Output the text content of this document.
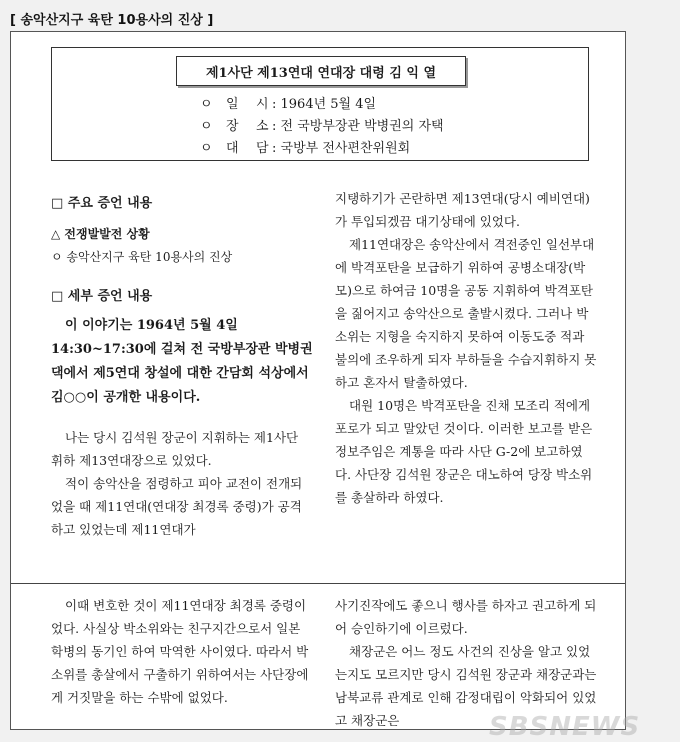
[ 송악산지구 육탄 10용사의 진상 ]
제1사단 제13연대 연대장 대령 김 익 열
ㅇ 일 시 : 1964년 5월 4일
ㅇ 장 소 : 전 국방부장관 박병권의 자택
ㅇ 대 담 : 국방부 전사편찬위원회
□ 주요 증언 내용
△ 전쟁발발전 상황
ㅇ 송악산지구 육탄 10용사의 진상
□ 세부 증언 내용

이 이야기는 1964년 5월 4일 14:30~17:30에 걸쳐 전 국방부장관 박병권댁에서 제5연대 창설에 대한 간담회 석상에서 김○○이 공개한 내용이다.

나는 당시 김석원 장군이 지휘하는 제1사단 휘하 제13연대장으로 있었다.

적이 송악산을 점령하고 피아 교전이 전개되었을 때 제11연대(연대장 최경록 중령)가 공격하고 있었는데 제11연대가

지탱하기가 곤란하면 제13연대(당시 예비연대)가 투입되겠끔 대기상태에 있었다.

제11연대장은 송악산에서 격전중인 일선부대에 박격포탄을 보급하기 위하여 공병소대장(박모)으로 하여금 10명을 공동 지휘하여 박격포탄을 짊어지고 송악산으로 출발시켰다. 그러나 박소위는 지형을 숙지하지 못하여 이동도중 적과 불의에 조우하게 되자 부하들을 수습지휘하지 못하고 혼자서 탈출하였다.

대원 10명은 박격포탄을 진채 모조리 적에게 포로가 되고 말았던 것이다. 이러한 보고를 받은 정보주임은 계통을 따라 사단 G-2에 보고하였다. 사단장 김석원 장군은 대노하여 당장 박소위를 총살하라 하였다.

이때 변호한 것이 제11연대장 최경록 중령이었다. 사실상 박소위와는 친구지간으로서 일본 학병의 동기인 하여 막역한 사이였다. 따라서 박소위를 총살에서 구출하기 위하여서는 사단장에게 거짓말을 하는 수밖에 없었다.

사기진작에도 좋으니 행사를 하자고 권고하게 되어 승인하기에 이르렀다.

채장군은 어느 정도 사건의 진상을 알고 있었는지도 모르지만 당시 김석원 장군과 채장군과는 남북교류 관계로 인해 감정대립이 악화되어 있었고 채장군은	SBSNEWS
